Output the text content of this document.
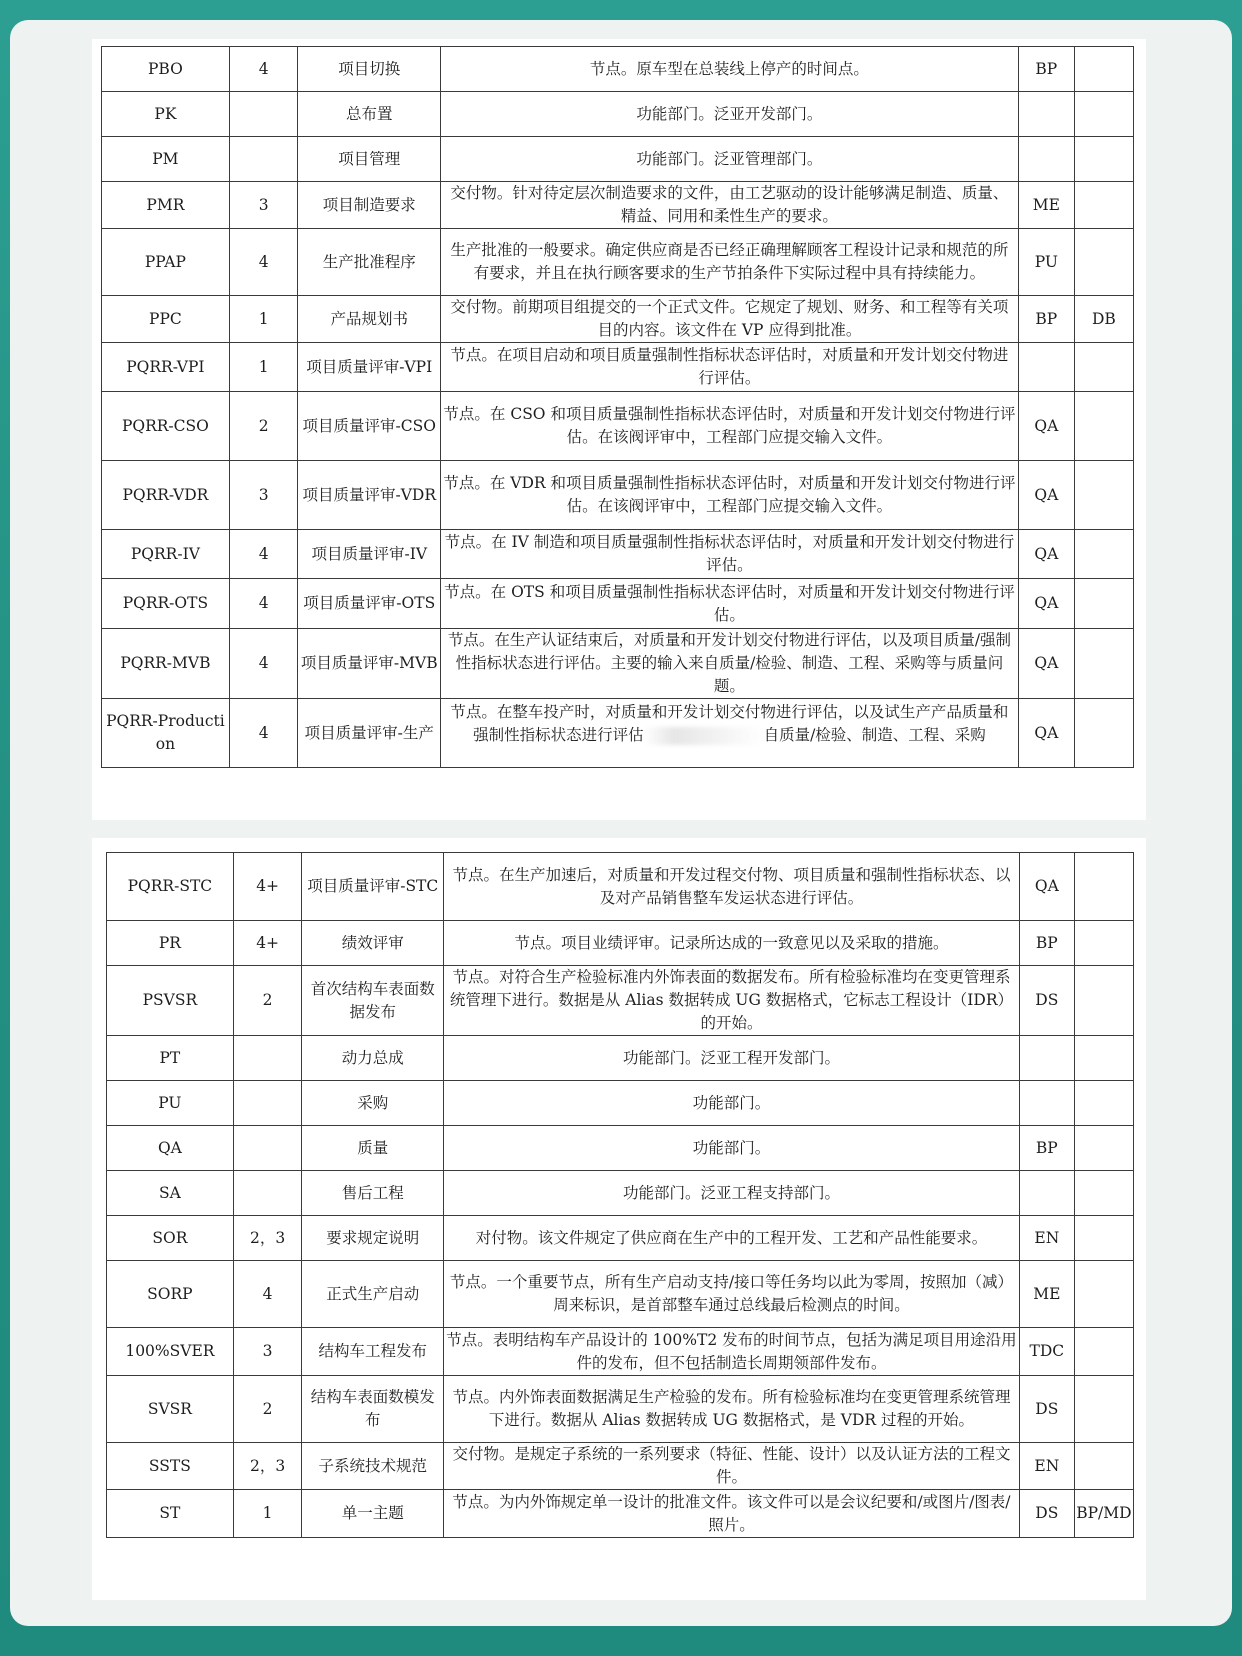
PBO	4	项目切换	节点。原车型在总装线上停产的时间点。	BP	
PK		总布置	功能部门。泛亚开发部门。		
PM		项目管理	功能部门。泛亚管理部门。		
PMR	3	项目制造要求	交付物。针对待定层次制造要求的文件，由工艺驱动的设计能够满足制造、质量、精益、同用和柔性生产的要求。	ME	
PPAP	4	生产批准程序	生产批准的一般要求。确定供应商是否已经正确理解顾客工程设计记录和规范的所有要求，并且在执行顾客要求的生产节拍条件下实际过程中具有持续能力。	PU	
PPC	1	产品规划书	交付物。前期项目组提交的一个正式文件。它规定了规划、财务、和工程等有关项目的内容。该文件在 VP 应得到批准。	BP	DB
PQRR-VPI	1	项目质量评审-VPI	节点。在项目启动和项目质量强制性指标状态评估时，对质量和开发计划交付物进行评估。		
PQRR-CSO	2	项目质量评审-CSO	节点。在 CSO 和项目质量强制性指标状态评估时，对质量和开发计划交付物进行评估。在该阀评审中，工程部门应提交输入文件。	QA	
PQRR-VDR	3	项目质量评审-VDR	节点。在 VDR 和项目质量强制性指标状态评估时，对质量和开发计划交付物进行评估。在该阀评审中，工程部门应提交输入文件。	QA	
PQRR-IV	4	项目质量评审-IV	节点。在 IV 制造和项目质量强制性指标状态评估时，对质量和开发计划交付物进行评估。	QA	
PQRR-OTS	4	项目质量评审-OTS	节点。在 OTS 和项目质量强制性指标状态评估时，对质量和开发计划交付物进行评估。	QA	
PQRR-MVB	4	项目质量评审-MVB	节点。在生产认证结束后，对质量和开发计划交付物进行评估，以及项目质量/强制性指标状态进行评估。主要的输入来自质量/检验、制造、工程、采购等与质量问题。	QA	
PQRR-Production	4	项目质量评审-生产	节点。在整车投产时，对质量和开发计划交付物进行评估，以及试生产产品质量和强制性指标状态进行评估 自质量/检验、制造、工程、采购	QA	
PQRR-STC	4+	项目质量评审-STC	节点。在生产加速后，对质量和开发过程交付物、项目质量和强制性指标状态、以及对产品销售整车发运状态进行评估。	QA	
PR	4+	绩效评审	节点。项目业绩评审。记录所达成的一致意见以及采取的措施。	BP	
PSVSR	2	首次结构车表面数据发布	节点。对符合生产检验标准内外饰表面的数据发布。所有检验标准均在变更管理系统管理下进行。数据是从 Alias 数据转成 UG 数据格式，它标志工程设计（IDR）的开始。	DS	
PT		动力总成	功能部门。泛亚工程开发部门。		
PU		采购	功能部门。		
QA		质量	功能部门。	BP	
SA		售后工程	功能部门。泛亚工程支持部门。		
SOR	2，3	要求规定说明	对付物。该文件规定了供应商在生产中的工程开发、工艺和产品性能要求。	EN	
SORP	4	正式生产启动	节点。一个重要节点，所有生产启动支持/接口等任务均以此为零周，按照加（减）周来标识，是首部整车通过总线最后检测点的时间。	ME	
100%SVER	3	结构车工程发布	节点。表明结构车产品设计的 100%T2 发布的时间节点，包括为满足项目用途沿用件的发布，但不包括制造长周期领部件发布。	TDC	
SVSR	2	结构车表面数模发布	节点。内外饰表面数据满足生产检验的发布。所有检验标准均在变更管理系统管理下进行。数据从 Alias 数据转成 UG 数据格式，是 VDR 过程的开始。	DS	
SSTS	2，3	子系统技术规范	交付物。是规定子系统的一系列要求（特征、性能、设计）以及认证方法的工程文件。	EN	
ST	1	单一主题	节点。为内外饰规定单一设计的批准文件。该文件可以是会议纪要和/或图片/图表/照片。	DS	BP/MD
